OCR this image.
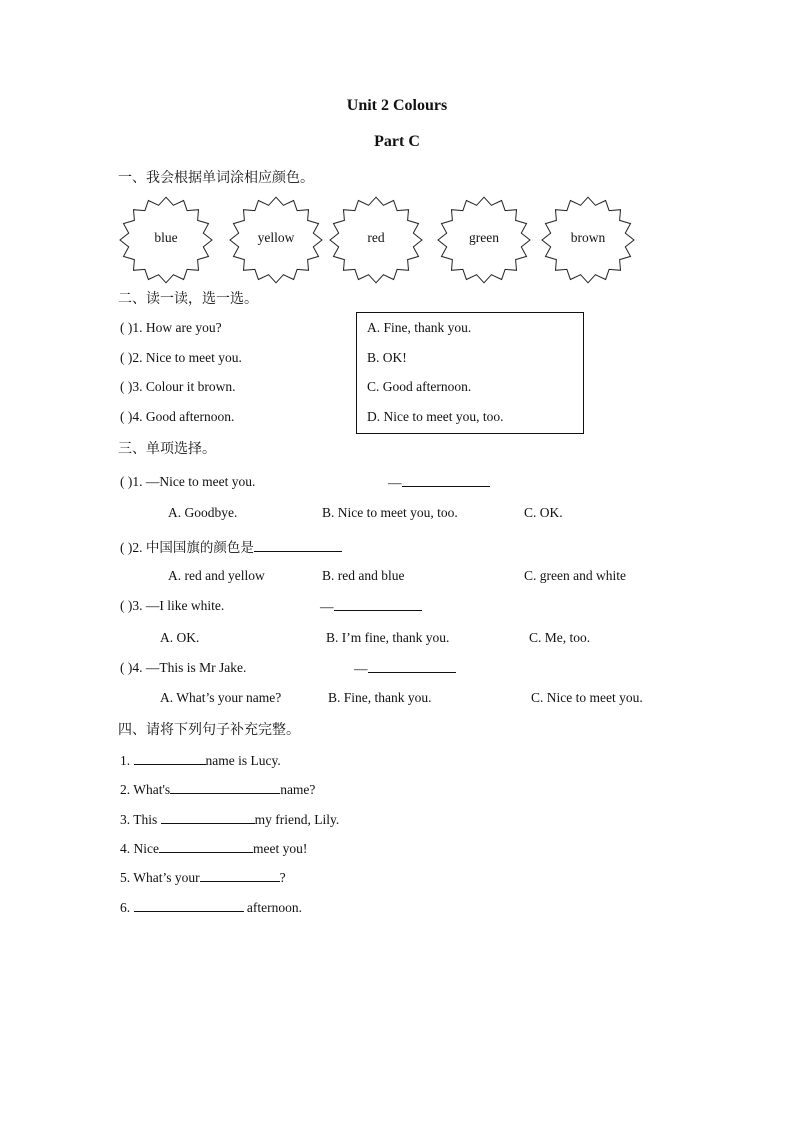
Unit 2 Colours
Part C
一、我会根据单词涂相应颜色。
blue	yellow	red	green	brown
二、读一读，选一选。
( )1. How are you?
( )2. Nice to meet you.
( )3. Colour it brown.
( )4. Good afternoon.
A. Fine, thank you.
B. OK!
C. Good afternoon.
D. Nice to meet you, too.
三、单项选择。
( )1. —Nice to meet you.	—
A. Goodbye.	B. Nice to meet you, too.	C. OK.
( )2. 中国国旗的颜色是
A. red and yellow	B. red and blue	C. green and white
( )3. —I like white.	—
A. OK.	B. I’m fine, thank you.	C. Me, too.
( )4. —This is Mr Jake.	—
A. What’s your name?	B. Fine, thank you.	C. Nice to meet you.
四、请将下列句子补充完整。
1.	name is Lucy.
2. What's	name?
3. This	my friend, Lily.
4. Nice	meet you!
5. What’s your	?
6.	afternoon.
